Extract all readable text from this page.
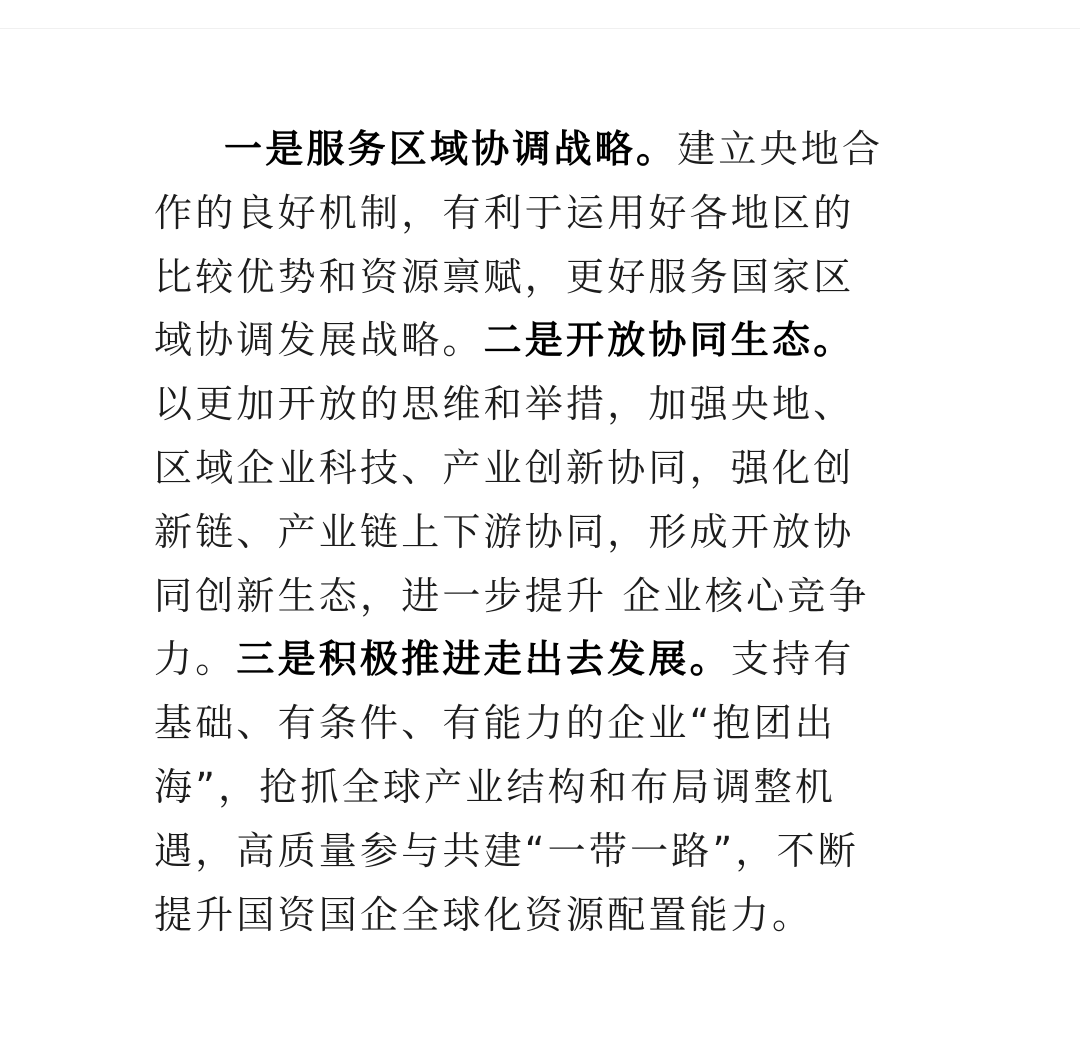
一是服务区域协调战略。建立央地合
作的良好机制，有利于运用好各地区的
比较优势和资源禀赋，更好服务国家区
域协调发展战略。二是开放协同生态。
以更加开放的思维和举措，加强央地、
区域企业科技、产业创新协同，强化创
新链、产业链上下游协同，形成开放协
同创新生态，进一步提升 企业核心竞争
力。三是积极推进走出去发展。支持有
基础、有条件、有能力的企业“抱团出
海”，抢抓全球产业结构和布局调整机
遇，高质量参与共建“一带一路”，不断
提升国资国企全球化资源配置能力。
